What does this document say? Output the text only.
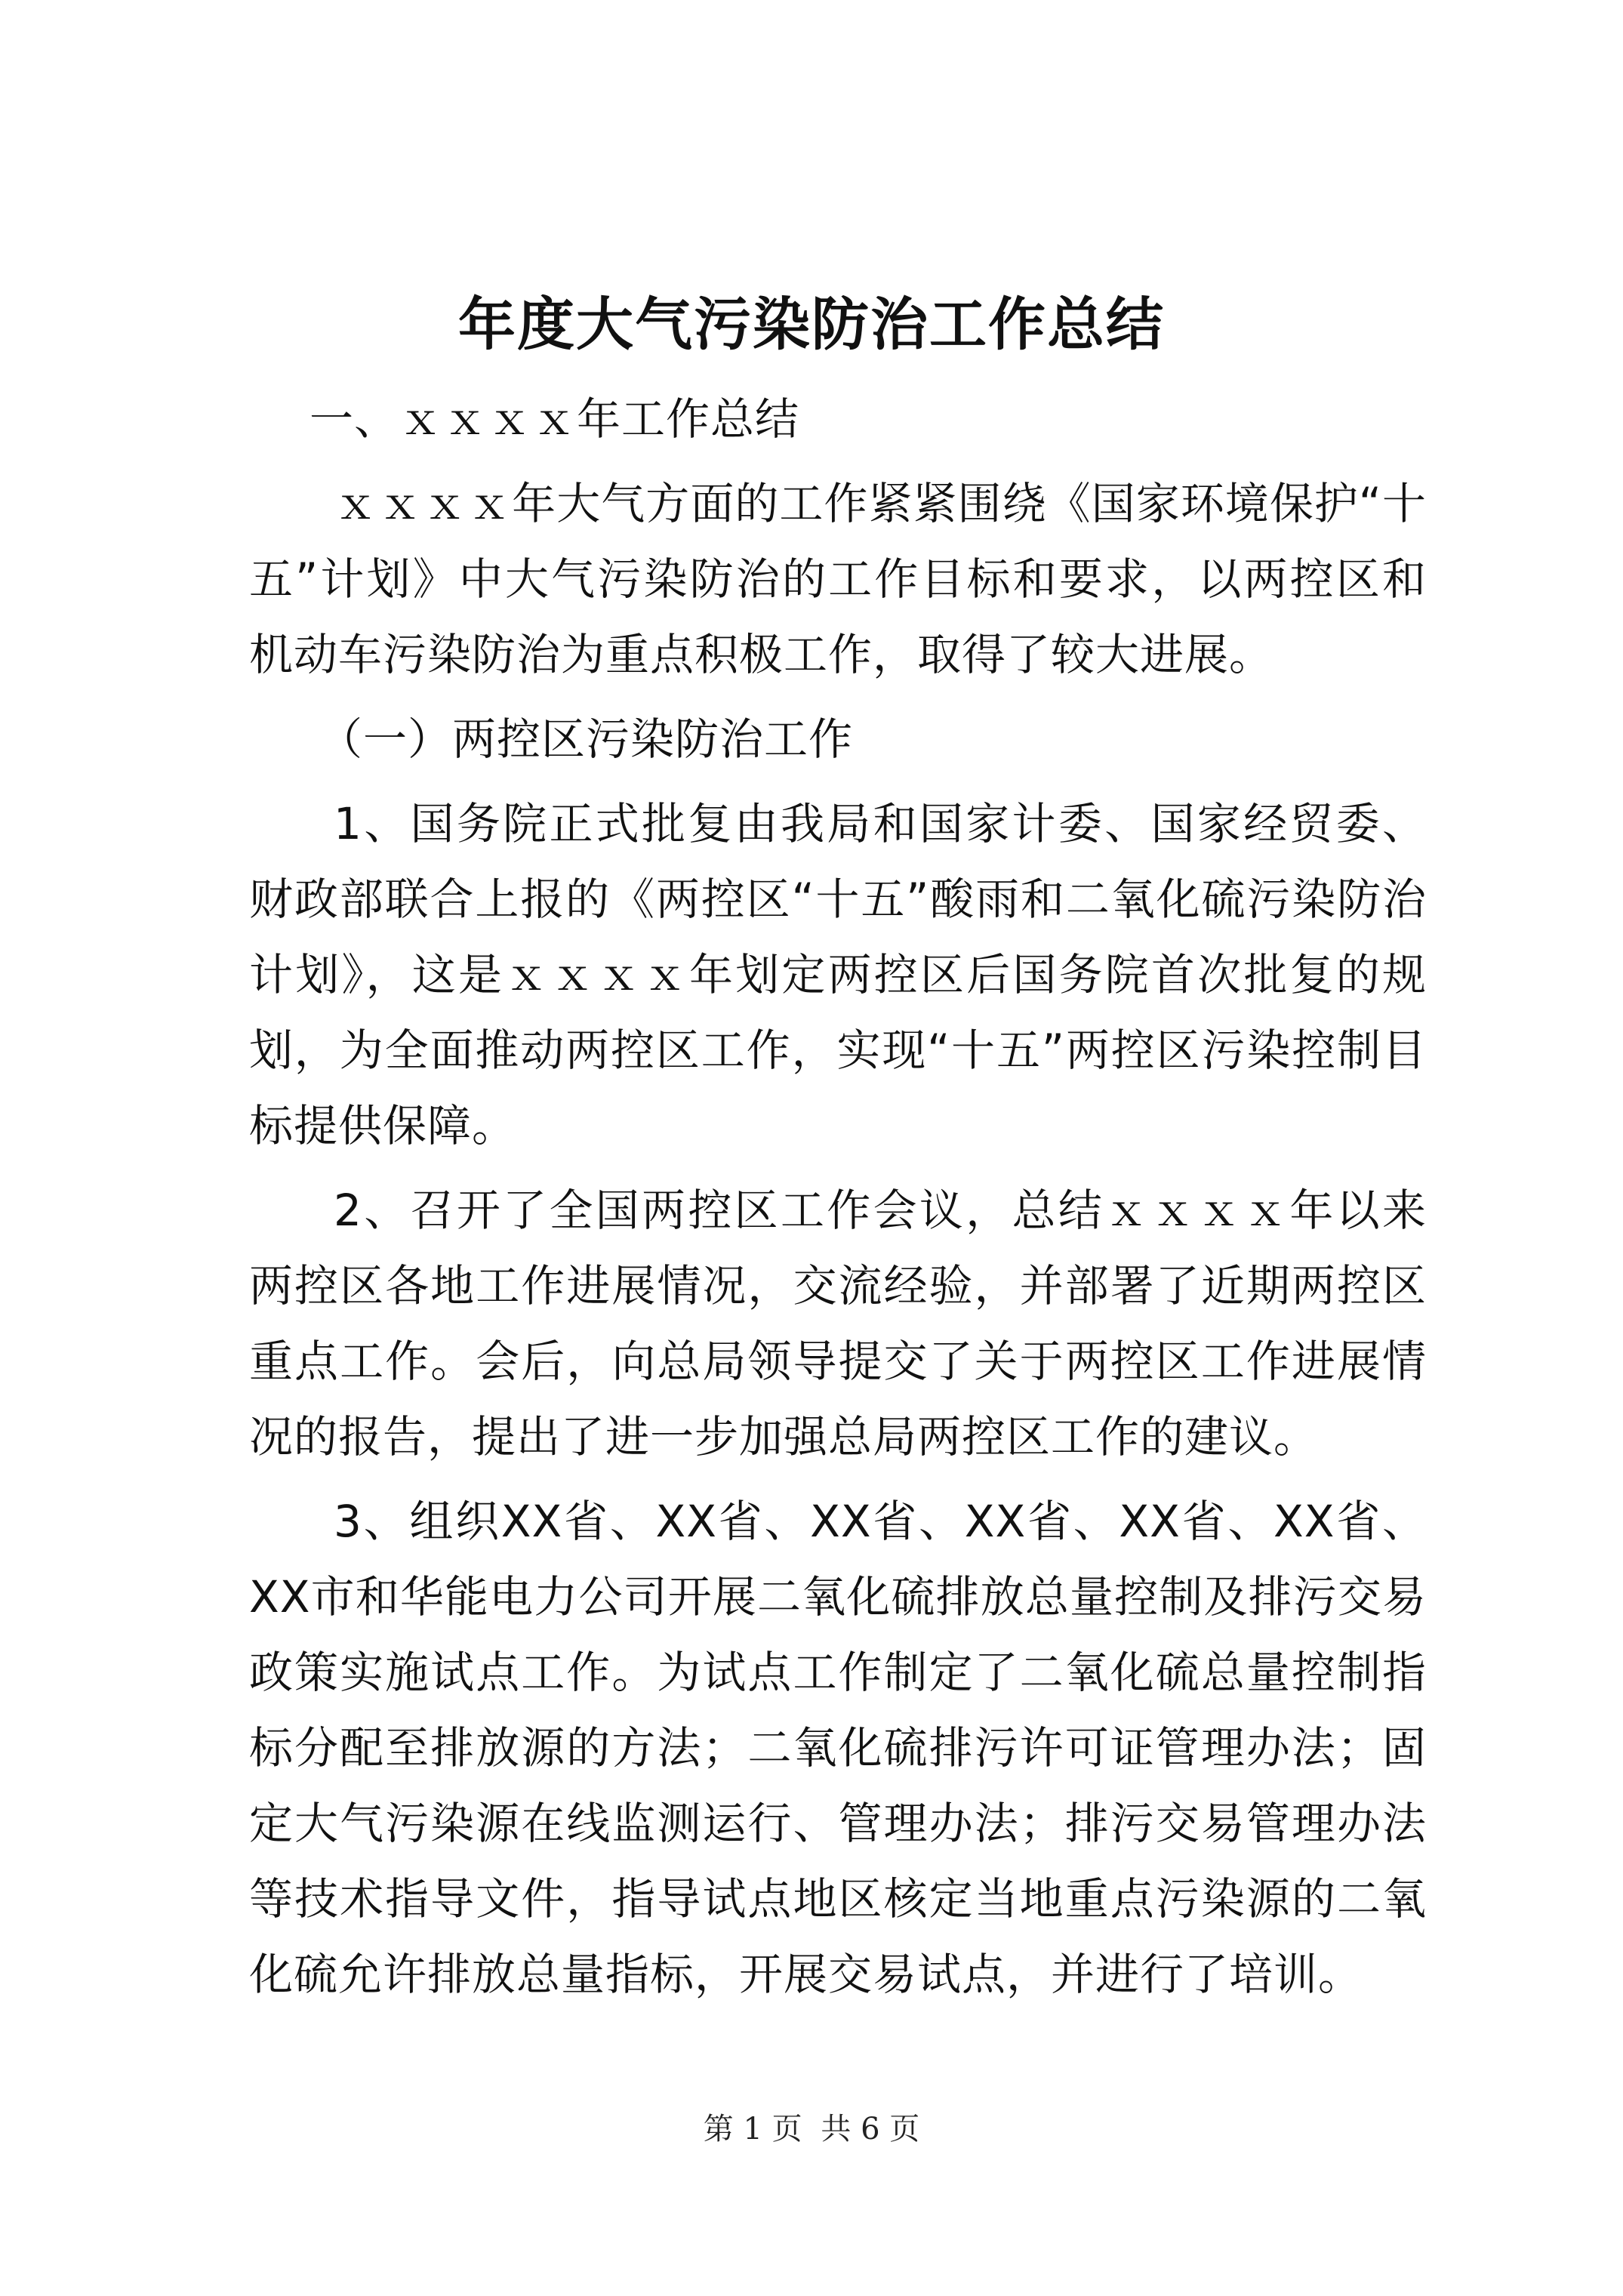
年度大气污染防治工作总结

一、ｘｘｘｘ年工作总结

ｘｘｘｘ年大气方面的工作紧紧围绕《国家环境保护“十五”计划》中大气污染防治的工作目标和要求，以两控区和机动车污染防治为重点积极工作，取得了较大进展。

（一）两控区污染防治工作

1、国务院正式批复由我局和国家计委、国家经贸委、财政部联合上报的《两控区“十五”酸雨和二氧化硫污染防治计划》，这是ｘｘｘｘ年划定两控区后国务院首次批复的规划，为全面推动两控区工作，实现“十五”两控区污染控制目标提供保障。

2、召开了全国两控区工作会议，总结ｘｘｘｘ年以来两控区各地工作进展情况，交流经验，并部署了近期两控区重点工作。会后，向总局领导提交了关于两控区工作进展情况的报告，提出了进一步加强总局两控区工作的建议。

3、组织XX省、XX省、XX省、XX省、XX省、XX省、XX市和华能电力公司开展二氧化硫排放总量控制及排污交易政策实施试点工作。为试点工作制定了二氧化硫总量控制指标分配至排放源的方法；二氧化硫排污许可证管理办法；固定大气污染源在线监测运行、管理办法；排污交易管理办法等技术指导文件，指导试点地区核定当地重点污染源的二氧化硫允许排放总量指标，开展交易试点，并进行了培训。

第 1 页 共 6 页
